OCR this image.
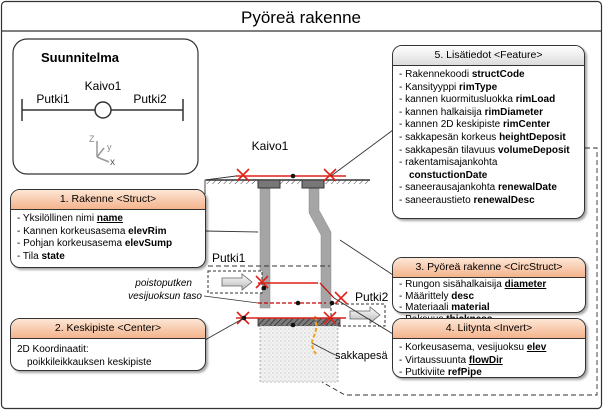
Pyöreä rakenne
Suunnitelma
Kaivo1
Putki1	Putki2
Z
y
x
Kaivo1
Putki1
Putki2
sakkapesä
poistoputken
vesijuoksun taso
1. Rakenne <Struct>
- Yksilöllinen nimi name
- Kannen korkeusasema elevRim
- Pohjan korkeusasema elevSump
- Tila state
2. Keskipiste <Center>
2D Koordinaatit:
poikkileikkauksen keskipiste
3. Pyöreä rakenne <CircStruct>
- Rungon sisähalkaisija diameter
- Määrittely desc
- Materiaali material
4. Liitynta <Invert>
- Korkeusasema, vesijuoksu elev
- Virtaussuunta flowDir
- Putkiviite refPipe
5. Lisätiedot <Feature>
- Rakennekoodi structCode
- Kansityyppi rimType
- kannen kuormitusluokka rimLoad
- kannen halkaisija rimDiameter
- kannen 2D keskipiste rimCenter
- sakkapesän korkeus heightDeposit
- sakkapesän tilavuus volumeDeposit
- rakentamisajankohta
constuctionDate
- saneerausajankohta renewalDate
- saneeraustieto renewalDesc
